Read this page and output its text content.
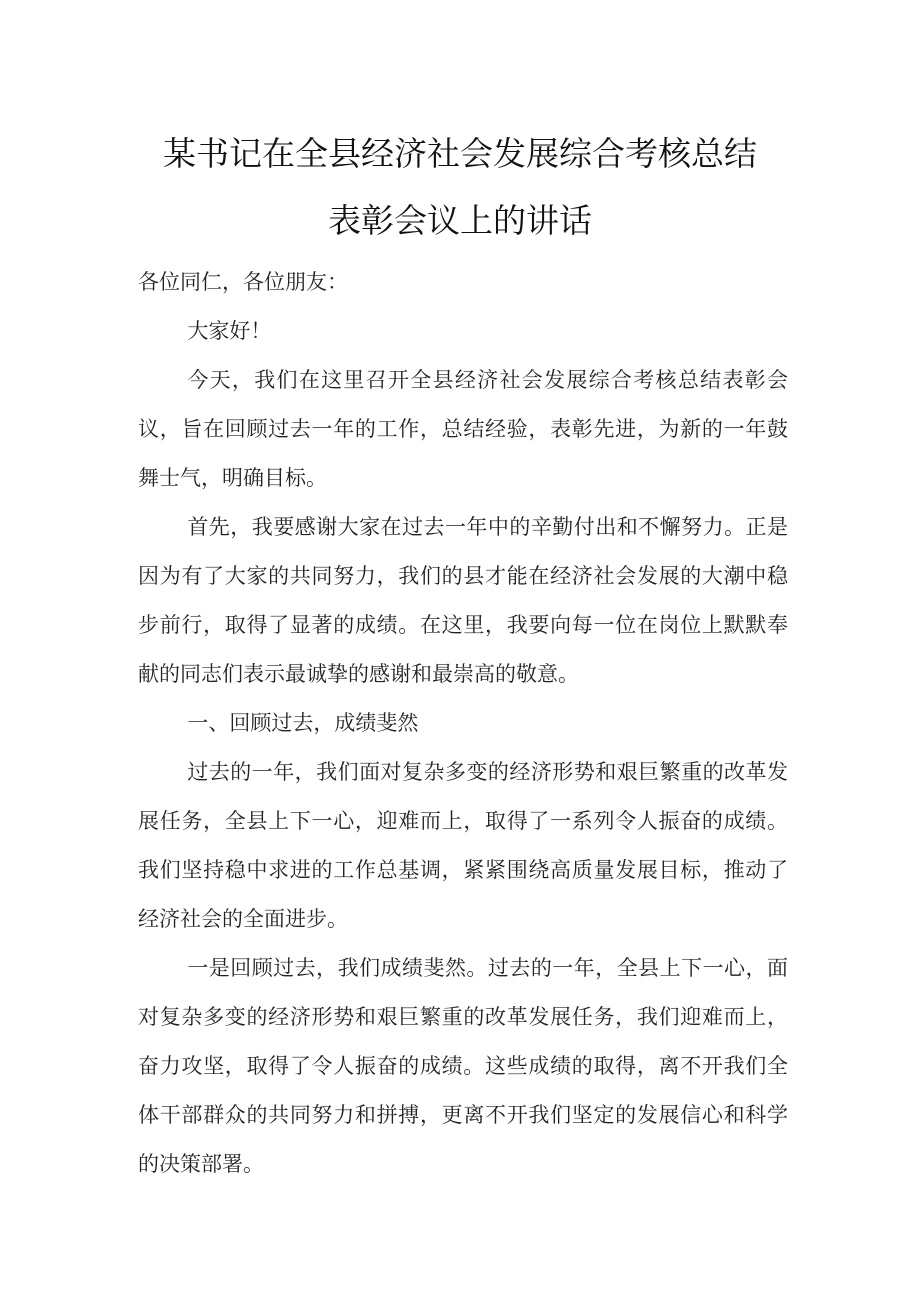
某书记在全县经济社会发展综合考核总结
表彰会议上的讲话

各位同仁，各位朋友：

大家好！

今天，我们在这里召开全县经济社会发展综合考核总结表彰会议，旨在回顾过去一年的工作，总结经验，表彰先进，为新的一年鼓舞士气，明确目标。

首先，我要感谢大家在过去一年中的辛勤付出和不懈努力。正是因为有了大家的共同努力，我们的县才能在经济社会发展的大潮中稳步前行，取得了显著的成绩。在这里，我要向每一位在岗位上默默奉献的同志们表示最诚挚的感谢和最崇高的敬意。

一、回顾过去，成绩斐然

过去的一年，我们面对复杂多变的经济形势和艰巨繁重的改革发展任务，全县上下一心，迎难而上，取得了一系列令人振奋的成绩。我们坚持稳中求进的工作总基调，紧紧围绕高质量发展目标，推动了经济社会的全面进步。

一是回顾过去，我们成绩斐然。过去的一年，全县上下一心，面对复杂多变的经济形势和艰巨繁重的改革发展任务，我们迎难而上，奋力攻坚，取得了令人振奋的成绩。这些成绩的取得，离不开我们全体干部群众的共同努力和拼搏，更离不开我们坚定的发展信心和科学的决策部署。
